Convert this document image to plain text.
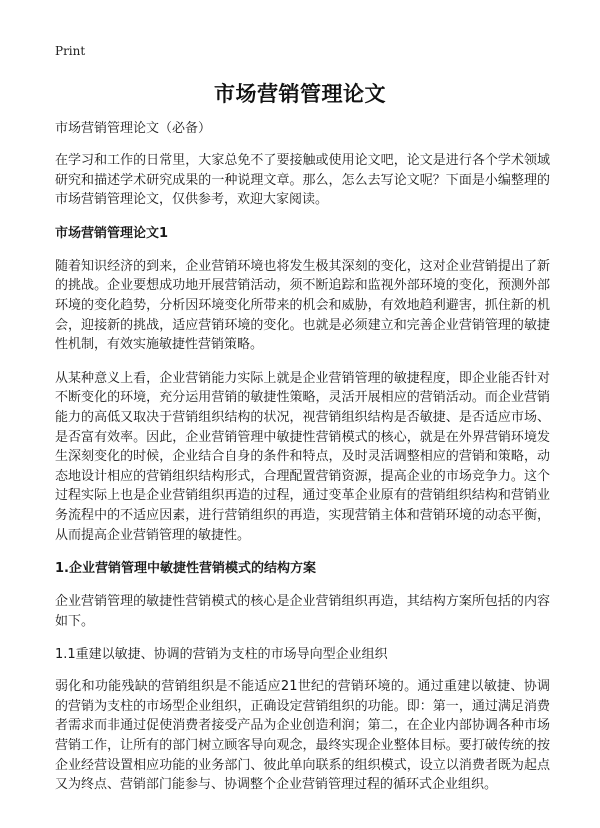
Print
市场营销管理论文

市场营销管理论文（必备）

在学习和工作的日常里，大家总免不了要接触或使用论文吧，论文是进行各个学术领域研究和描述学术研究成果的一种说理文章。那么，怎么去写论文呢？下面是小编整理的市场营销管理论文，仅供参考，欢迎大家阅读。

市场营销管理论文1

随着知识经济的到来，企业营销环境也将发生极其深刻的变化，这对企业营销提出了新的挑战。企业要想成功地开展营销活动，须不断追踪和监视外部环境的变化，预测外部环境的变化趋势，分析因环境变化所带来的机会和威胁，有效地趋利避害，抓住新的机会，迎接新的挑战，适应营销环境的变化。也就是必须建立和完善企业营销管理的敏捷性机制，有效实施敏捷性营销策略。

从某种意义上看，企业营销能力实际上就是企业营销管理的敏捷程度，即企业能否针对不断变化的环境，充分运用营销的敏捷性策略，灵活开展相应的营销活动。而企业营销能力的高低又取决于营销组织结构的状况，视营销组织结构是否敏捷、是否适应市场、是否富有效率。因此，企业营销管理中敏捷性营销模式的核心，就是在外界营销环境发生深刻变化的时候，企业结合自身的条件和特点，及时灵活调整相应的营销和策略，动态地设计相应的营销组织结构形式，合理配置营销资源，提高企业的市场竞争力。这个过程实际上也是企业营销组织再造的过程，通过变革企业原有的营销组织结构和营销业务流程中的不适应因素，进行营销组织的再造，实现营销主体和营销环境的动态平衡，从而提高企业营销管理的敏捷性。

1.企业营销管理中敏捷性营销模式的结构方案

企业营销管理的敏捷性营销模式的核心是企业营销组织再造，其结构方案所包括的内容如下。

1.1重建以敏捷、协调的营销为支柱的市场导向型企业组织

弱化和功能残缺的营销组织是不能适应21世纪的营销环境的。通过重建以敏捷、协调的营销为支柱的市场型企业组织，正确设定营销组织的功能。即：第一，通过满足消费者需求而非通过促使消费者接受产品为企业创造利润；第二，在企业内部协调各种市场营销工作，让所有的部门树立顾客导向观念，最终实现企业整体目标。要打破传统的按企业经营设置相应功能的业务部门、彼此单向联系的组织模式，设立以消费者既为起点又为终点、营销部门能参与、协调整个企业营销管理过程的循环式企业组织。
